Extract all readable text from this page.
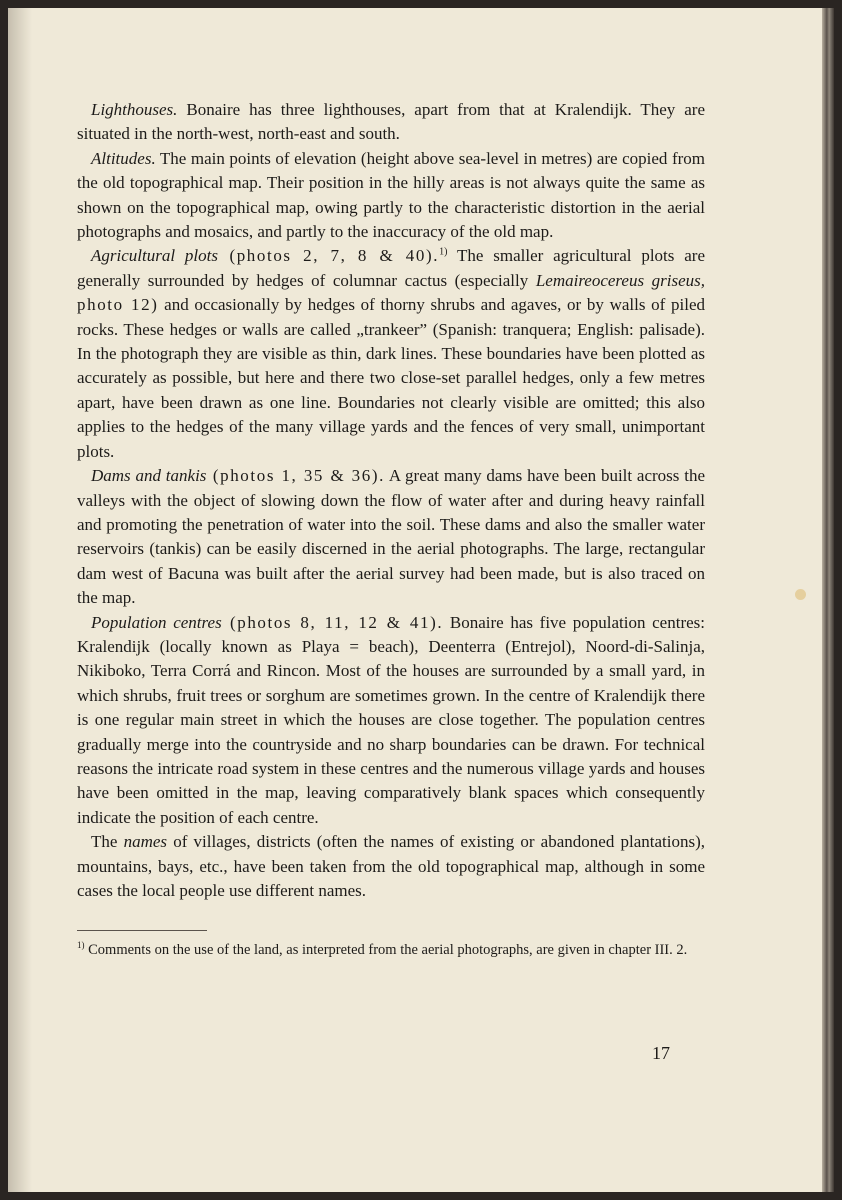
Lighthouses. Bonaire has three lighthouses, apart from that at Kralendijk. They are situated in the north-west, north-east and south.

Altitudes. The main points of elevation (height above sea-level in metres) are copied from the old topographical map. Their position in the hilly areas is not always quite the same as shown on the topographical map, owing partly to the characteristic distortion in the aerial photographs and mosaics, and partly to the inaccuracy of the old map.

Agricultural plots (photos 2, 7, 8 & 40).$^{1)}$ The smaller agricultural plots are generally surrounded by hedges of columnar cactus (especially Lemaireocereus griseus, photo 12) and occasionally by hedges of thorny shrubs and agaves, or by walls of piled rocks. These hedges or walls are called „trankeer” (Spanish: tranquera; English: palisade). In the photograph they are visible as thin, dark lines. These boundaries have been plotted as accurately as possible, but here and there two close-set parallel hedges, only a few metres apart, have been drawn as one line. Boundaries not clearly visible are omitted; this also applies to the hedges of the many village yards and the fences of very small, unimportant plots.

Dams and tankis (photos 1, 35 & 36). A great many dams have been built across the valleys with the object of slowing down the flow of water after and during heavy rainfall and promoting the penetration of water into the soil. These dams and also the smaller water reservoirs (tankis) can be easily discerned in the aerial photographs. The large, rectangular dam west of Bacuna was built after the aerial survey had been made, but is also traced on the map.

Population centres (photos 8, 11, 12 & 41). Bonaire has five population centres: Kralendijk (locally known as Playa = beach), Deenterra (Entrejol), Noord-di-Salinja, Nikiboko, Terra Corrá and Rincon. Most of the houses are surrounded by a small yard, in which shrubs, fruit trees or sorghum are sometimes grown. In the centre of Kralendijk there is one regular main street in which the houses are close together. The population centres gradually merge into the countryside and no sharp boundaries can be drawn. For technical reasons the intricate road system in these centres and the numerous village yards and houses have been omitted in the map, leaving comparatively blank spaces which consequently indicate the position of each centre.

The names of villages, districts (often the names of existing or abandoned plantations), mountains, bays, etc., have been taken from the old topographical map, although in some cases the local people use different names.

$^{1)}$ Comments on the use of the land, as interpreted from the aerial photographs, are given in chapter III. 2.
17
